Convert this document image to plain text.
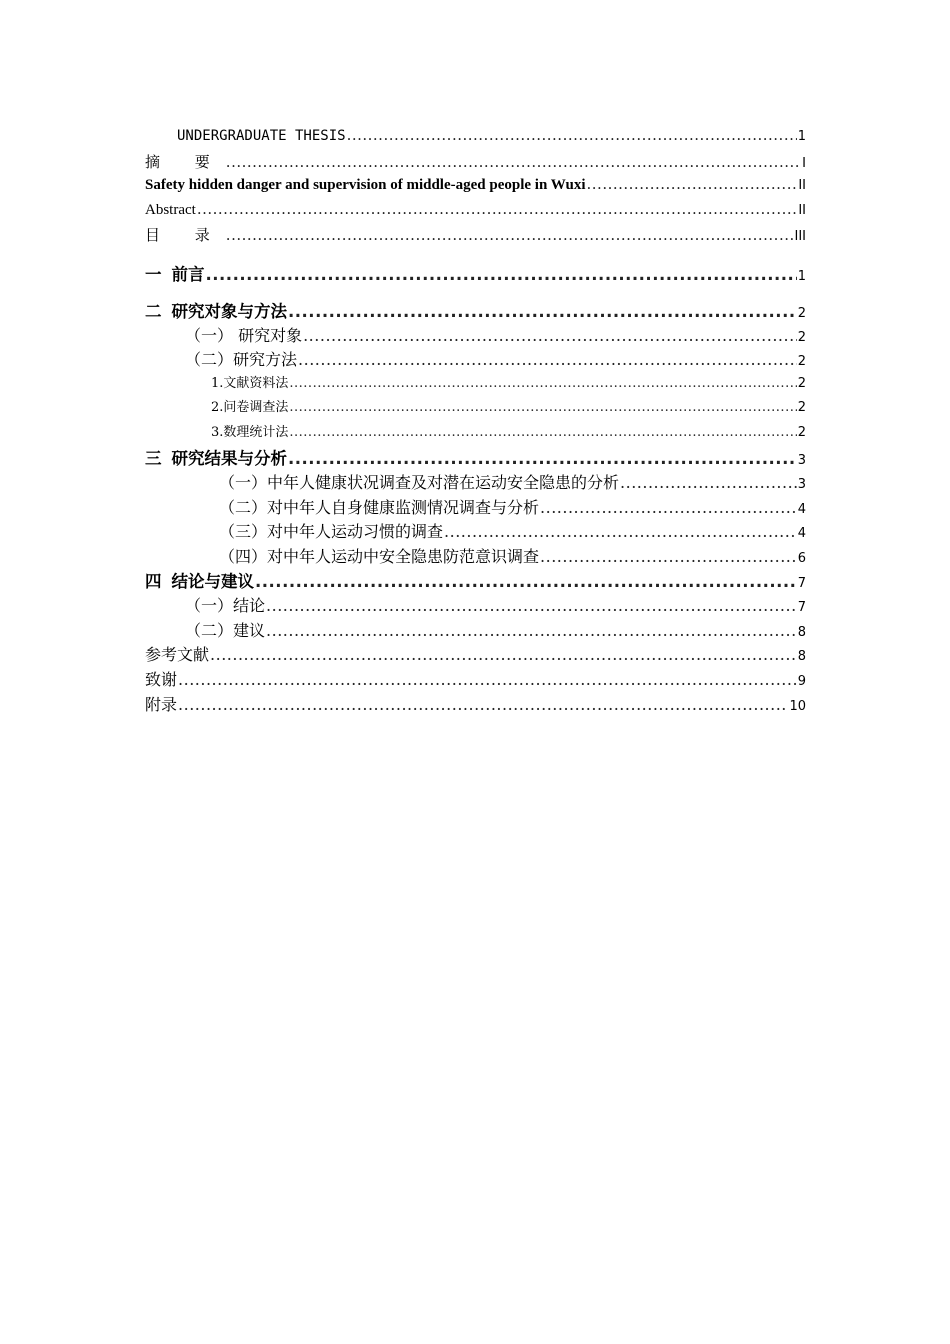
UNDERGRADUATE THESIS .....	1
摘 要 .....	I
Safety hidden danger and supervision of middle-aged people in Wuxi .....	II
Abstract .....	II
目 录 .....	III
一 前言 .....	1
二 研究对象与方法 .....	2
（一） 研究对象 .....	2
（二）研究方法 .....	2
1.文献资料法 .....	2
2.问卷调查法 .....	2
3.数理统计法 .....	2
三 研究结果与分析 .....	3
（一）中年人健康状况调查及对潜在运动安全隐患的分析 .....	3
（二）对中年人自身健康监测情况调查与分析 .....	4
（三）对中年人运动习惯的调查 .....	4
（四）对中年人运动中安全隐患防范意识调查 .....	6
四 结论与建议 .....	7
（一）结论 .....	7
（二）建议 .....	8
参考文献 .....	8
致谢 .....	9
附录 .....	10
